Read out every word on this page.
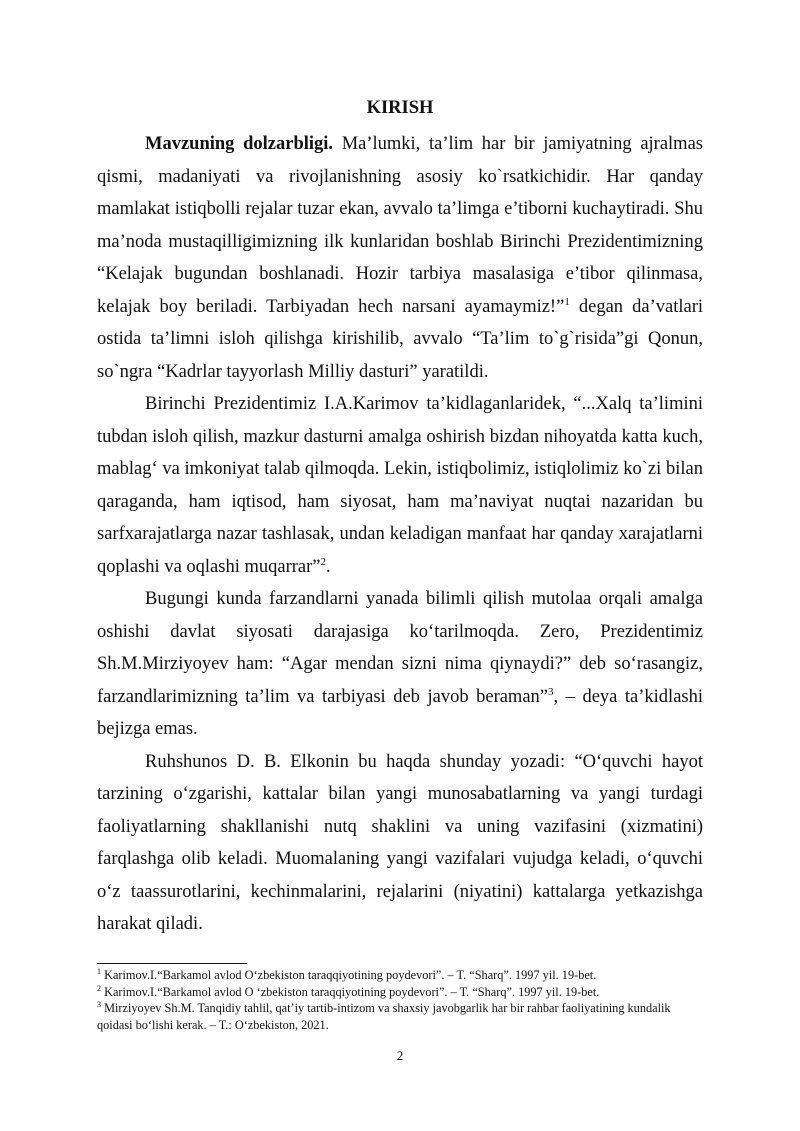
KIRISH

Mavzuning dolzarbligi. Ma’lumki, ta’lim har bir jamiyatning ajralmas qismi, madaniyati va rivojlanishning asosiy ko`rsatkichidir. Har qanday mamlakat istiqbolli rejalar tuzar ekan, avvalo ta’limga e’tiborni kuchaytiradi. Shu ma’noda mustaqilligimizning ilk kunlaridan boshlab Birinchi Prezidentimizning “Kelajak bugundan boshlanadi. Hozir tarbiya masalasiga e’tibor qilinmasa, kelajak boy beriladi. Tarbiyadan hech narsani ayamaymiz!”$^1$ degan da’vatlari ostida ta’limni isloh qilishga kirishilib, avvalo “Ta’lim to`g`risida”gi Qonun, so`ngra “Kadrlar tayyorlash Milliy dasturi” yaratildi.

Birinchi Prezidentimiz I.A.Karimov ta’kidlaganlaridek, “...Xalq ta’limini tubdan isloh qilish, mazkur dasturni amalga oshirish bizdan nihoyatda katta kuch, mablag‘ va imkoniyat talab qilmoqda. Lekin, istiqbolimiz, istiqlolimiz ko`zi bilan qaraganda, ham iqtisod, ham siyosat, ham ma’naviyat nuqtai nazaridan bu sarfxarajatlarga nazar tashlasak, undan keladigan manfaat har qanday xarajatlarni qoplashi va oqlashi muqarrar”$^2$.

Bugungi kunda farzandlarni yanada bilimli qilish mutolaa orqali amalga oshishi davlat siyosati darajasiga ko‘tarilmoqda. Zero, Prezidentimiz Sh.M.Mirziyoyev ham: “Agar mendan sizni nima qiynaydi?” deb so‘rasangiz, farzandlarimizning ta’lim va tarbiyasi deb javob beraman”$^3$, – deya ta’kidlashi bejizga emas.

Ruhshunos D. B. Elkonin bu haqda shunday yozadi: “O‘quvchi hayot tarzining o‘zgarishi, kattalar bilan yangi munosabatlarning va yangi turdagi faoliyatlarning shakllanishi nutq shaklini va uning vazifasini (xizmatini) farqlashga olib keladi. Muomalaning yangi vazifalari vujudga keladi, o‘quvchi o‘z taassurotlarini, kechinmalarini, rejalarini (niyatini) kattalarga yetkazishga harakat qiladi.

$^1$ Karimov.I.“Barkamol avlod O‘zbekiston taraqqiyotining poydevori”. – T. “Sharq”. 1997 yil. 19-bet.

$^2$ Karimov.I.“Barkamol avlod O ‘zbekiston taraqqiyotining poydevori”. – T. “Sharq”. 1997 yil. 19-bet.

$^3$ Mirziyoyev Sh.M. Tanqidiy tahlil, qat’iy tartib-intizom va shaxsiy javobgarlik har bir rahbar faoliyatining kundalik qoidasi bo‘lishi kerak. – T.: O‘zbekiston, 2021.

2
